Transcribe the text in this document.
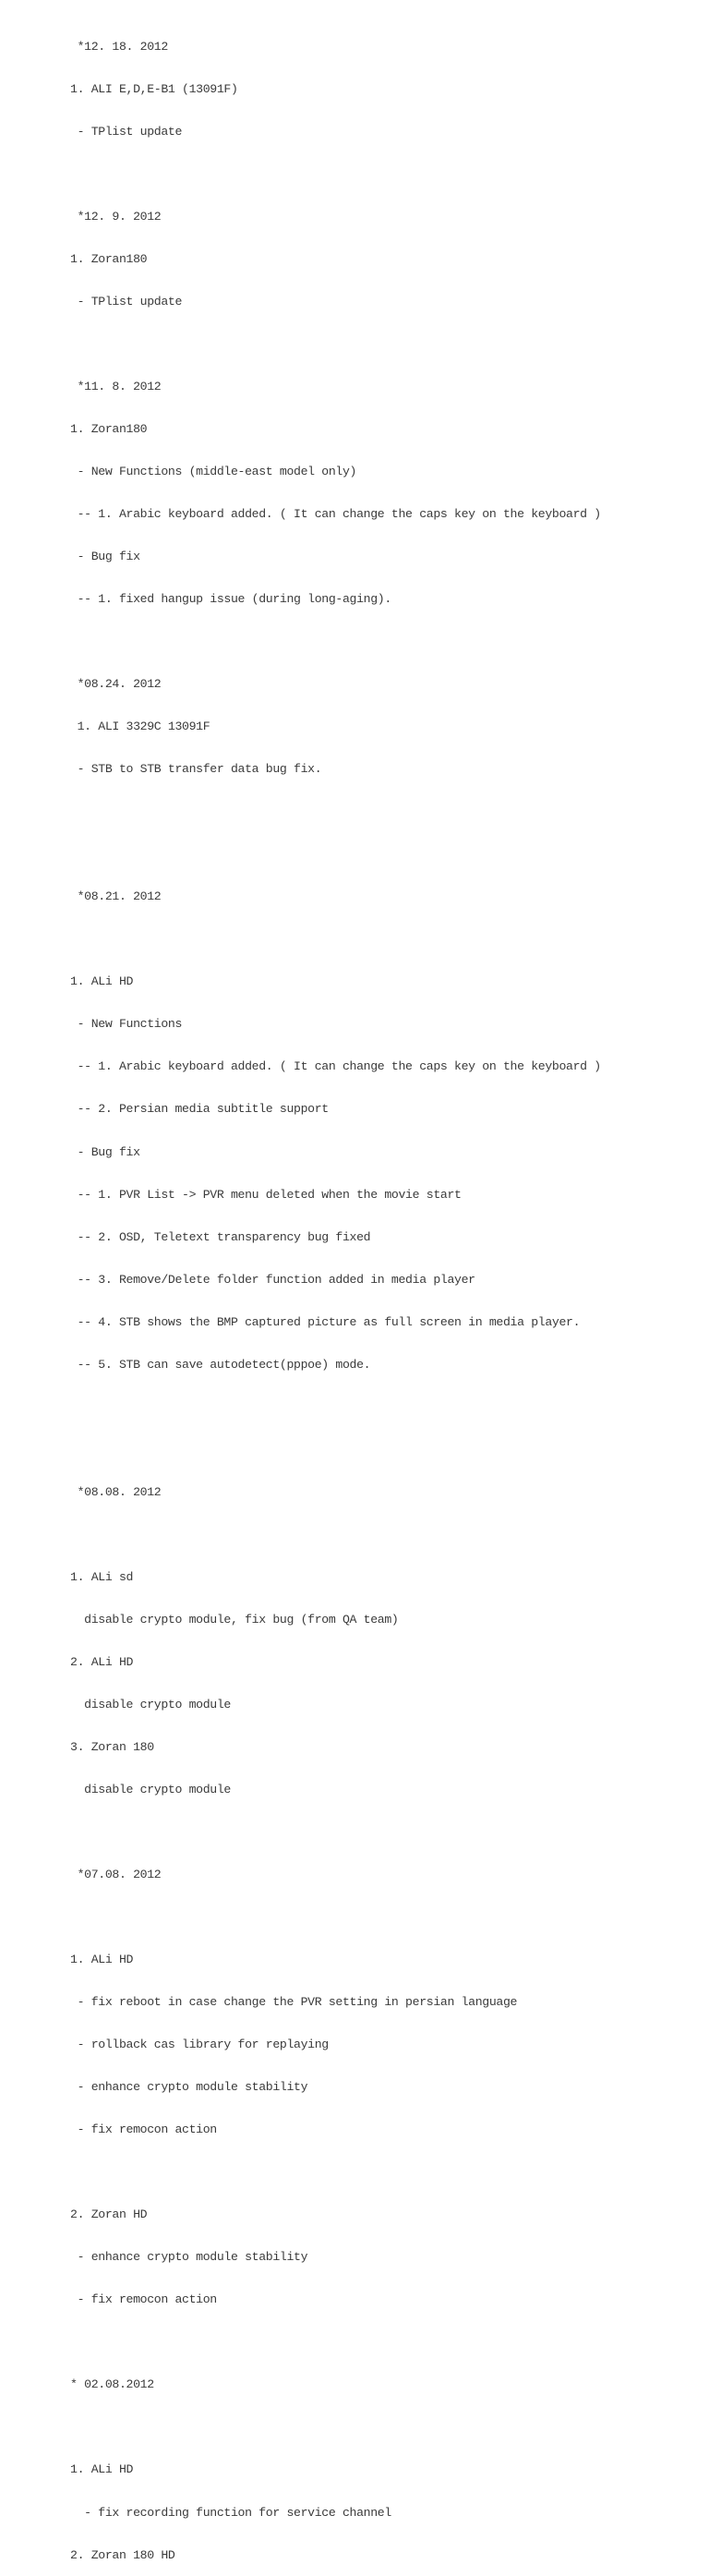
*12. 18. 2012

1. ALI E,D,E-B1 (13091F)

- TPlist update

*12. 9. 2012

1. Zoran180

- TPlist update

*11. 8. 2012

1. Zoran180

- New Functions (middle-east model only)

-- 1. Arabic keyboard added. ( It can change the caps key on the keyboard )

- Bug fix

-- 1. fixed hangup issue (during long-aging).

*08.24. 2012

1. ALI 3329C 13091F

- STB to STB transfer data bug fix.

*08.21. 2012

1. ALi HD

- New Functions

-- 1. Arabic keyboard added. ( It can change the caps key on the keyboard )

-- 2. Persian media subtitle support

- Bug fix

-- 1. PVR List -> PVR menu deleted when the movie start

-- 2. OSD, Teletext transparency bug fixed

-- 3. Remove/Delete folder function added in media player

-- 4. STB shows the BMP captured picture as full screen in media player.

-- 5. STB can save autodetect(pppoe) mode.

*08.08. 2012

1. ALi sd

disable crypto module, fix bug (from QA team)

2. ALi HD

disable crypto module

3. Zoran 180

disable crypto module

*07.08. 2012

1. ALi HD

- fix reboot in case change the PVR setting in persian language

- rollback cas library for replaying

- enhance crypto module stability

- fix remocon action

2. Zoran HD

- enhance crypto module stability

- fix remocon action

* 02.08.2012

1. ALi HD

- fix recording function for service channel

2. Zoran 180 HD
